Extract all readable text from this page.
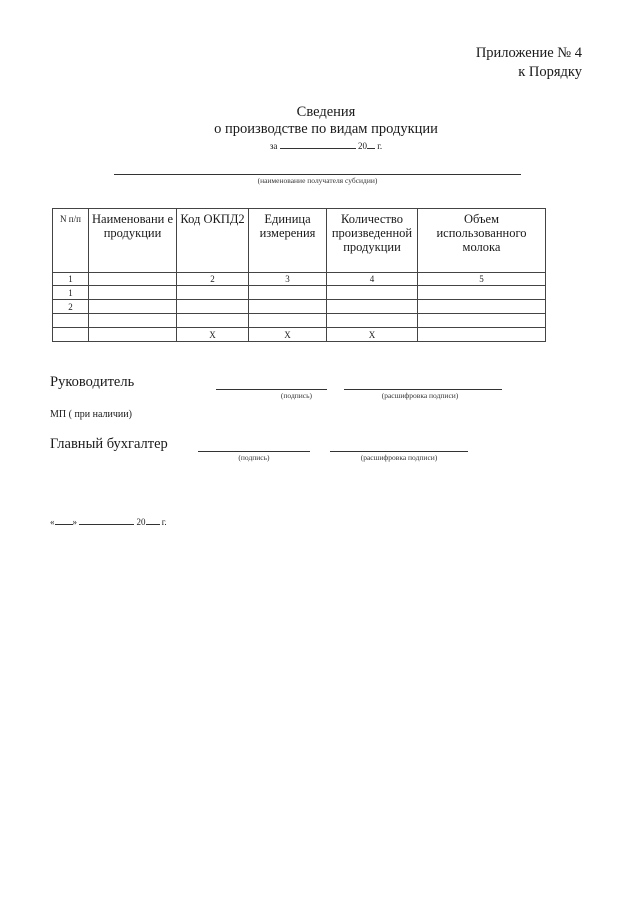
Приложение № 4
к Порядку
Сведения
о производстве по видам продукции
за	20 г.
(наименование получателя субсидии)
N п/п	Наименовани е продукции	Код ОКПД2	Единица измерения	Количество произведенной продукции	Объем использованного молока
1		2	3	4	5
1					
2					

		X	X	X	
Руководитель
(подпись)	(расшифровка подписи)
МП ( при наличии)
Главный бухгалтер
(подпись)	(расшифровка подписи)
« »	20 г.
